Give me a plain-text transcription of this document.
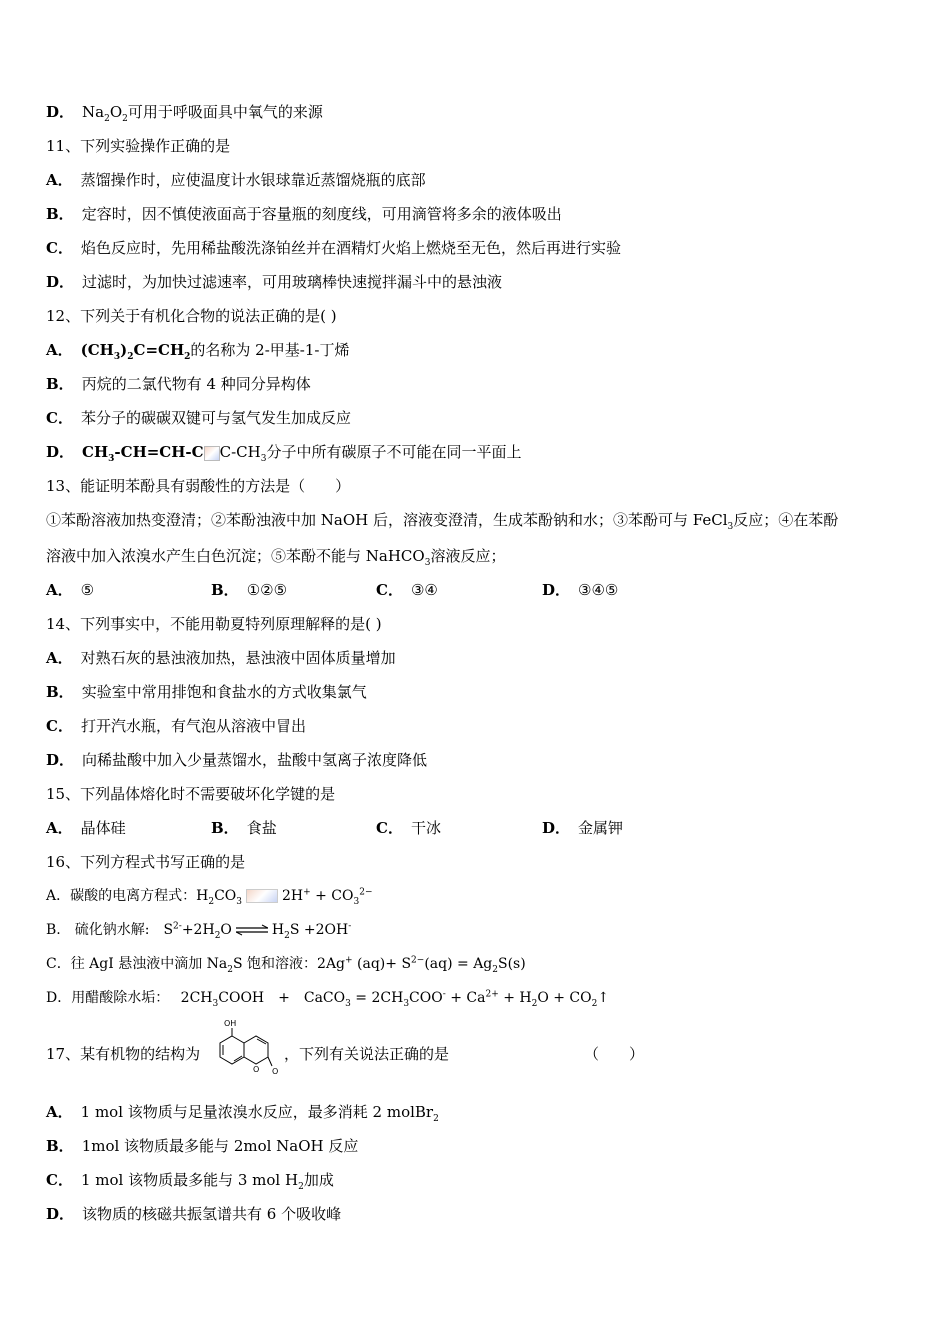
D． $Na_2O_2$可用于呼吸面具中氧气的来源
11、下列实验操作正确的是
A． 蒸馏操作时，应使温度计水银球靠近蒸馏烧瓶的底部
B． 定容时，因不慎使液面高于容量瓶的刻度线，可用滴管将多余的液体吸出
C． 焰色反应时，先用稀盐酸洗涤铂丝并在酒精灯火焰上燃烧至无色，然后再进行实验
D． 过滤时，为加快过滤速率，可用玻璃棒快速搅拌漏斗中的悬浊液
12、下列关于有机化合物的说法正确的是( )
A． $(CH_3)_2C=CH_2$的名称为 2-甲基-1-丁烯
B． 丙烷的二氯代物有 4 种同分异构体
C． 苯分子的碳碳双键可与氢气发生加成反应
D． $CH_3-CH=CH-C$ $C-CH_3$分子中所有碳原子不可能在同一平面上
13、能证明苯酚具有弱酸性的方法是（　　）
①苯酚溶液加热变澄清；②苯酚浊液中加 NaOH 后，溶液变澄清，生成苯酚钠和水；③苯酚可与 FeCl$_3$反应；④在苯酚
溶液中加入浓溴水产生白色沉淀；⑤苯酚不能与 NaHCO$_3$溶液反应；
A． ⑤	B． ①②⑤	C． ③④	D． ③④⑤
14、下列事实中，不能用勒夏特列原理解释的是( )
A． 对熟石灰的悬浊液加热，悬浊液中固体质量增加
B． 实验室中常用排饱和食盐水的方式收集氯气
C． 打开汽水瓶，有气泡从溶液中冒出
D． 向稀盐酸中加入少量蒸馏水，盐酸中氢离子浓度降低
15、下列晶体熔化时不需要破坏化学键的是
A． 晶体硅	B． 食盐	C． 干冰	D． 金属钾
16、下列方程式书写正确的是
A．碳酸的电离方程式：$H_2CO_3$	$2H^+ + CO_3^{2-}$
B.　硫化钠水解:　$S^{2-}+2H_2O$ ⇌ $H_2S +2OH^-$
C．往 AgI 悬浊液中滴加 $Na_2S$ 饱和溶液：2Ag+ $(aq)+ S^{2-}(aq) = Ag_2S(s)$
D．用醋酸除水垢：　 $2CH_3COOH$　+　CaCO$_3$ = $2CH_3COO^- + Ca^{2+} + H_2O$ + $CO_2↑$
17、某有机物的结构为
OH
O O
，下列有关说法正确的是	（　　）
A． 1 mol 该物质与足量浓溴水反应，最多消耗 2 molBr$_2$
B． 1mol 该物质最多能与 2mol NaOH 反应
C． 1 mol 该物质最多能与 3 mol $H_2$加成
D． 该物质的核磁共振氢谱共有 6 个吸收峰
